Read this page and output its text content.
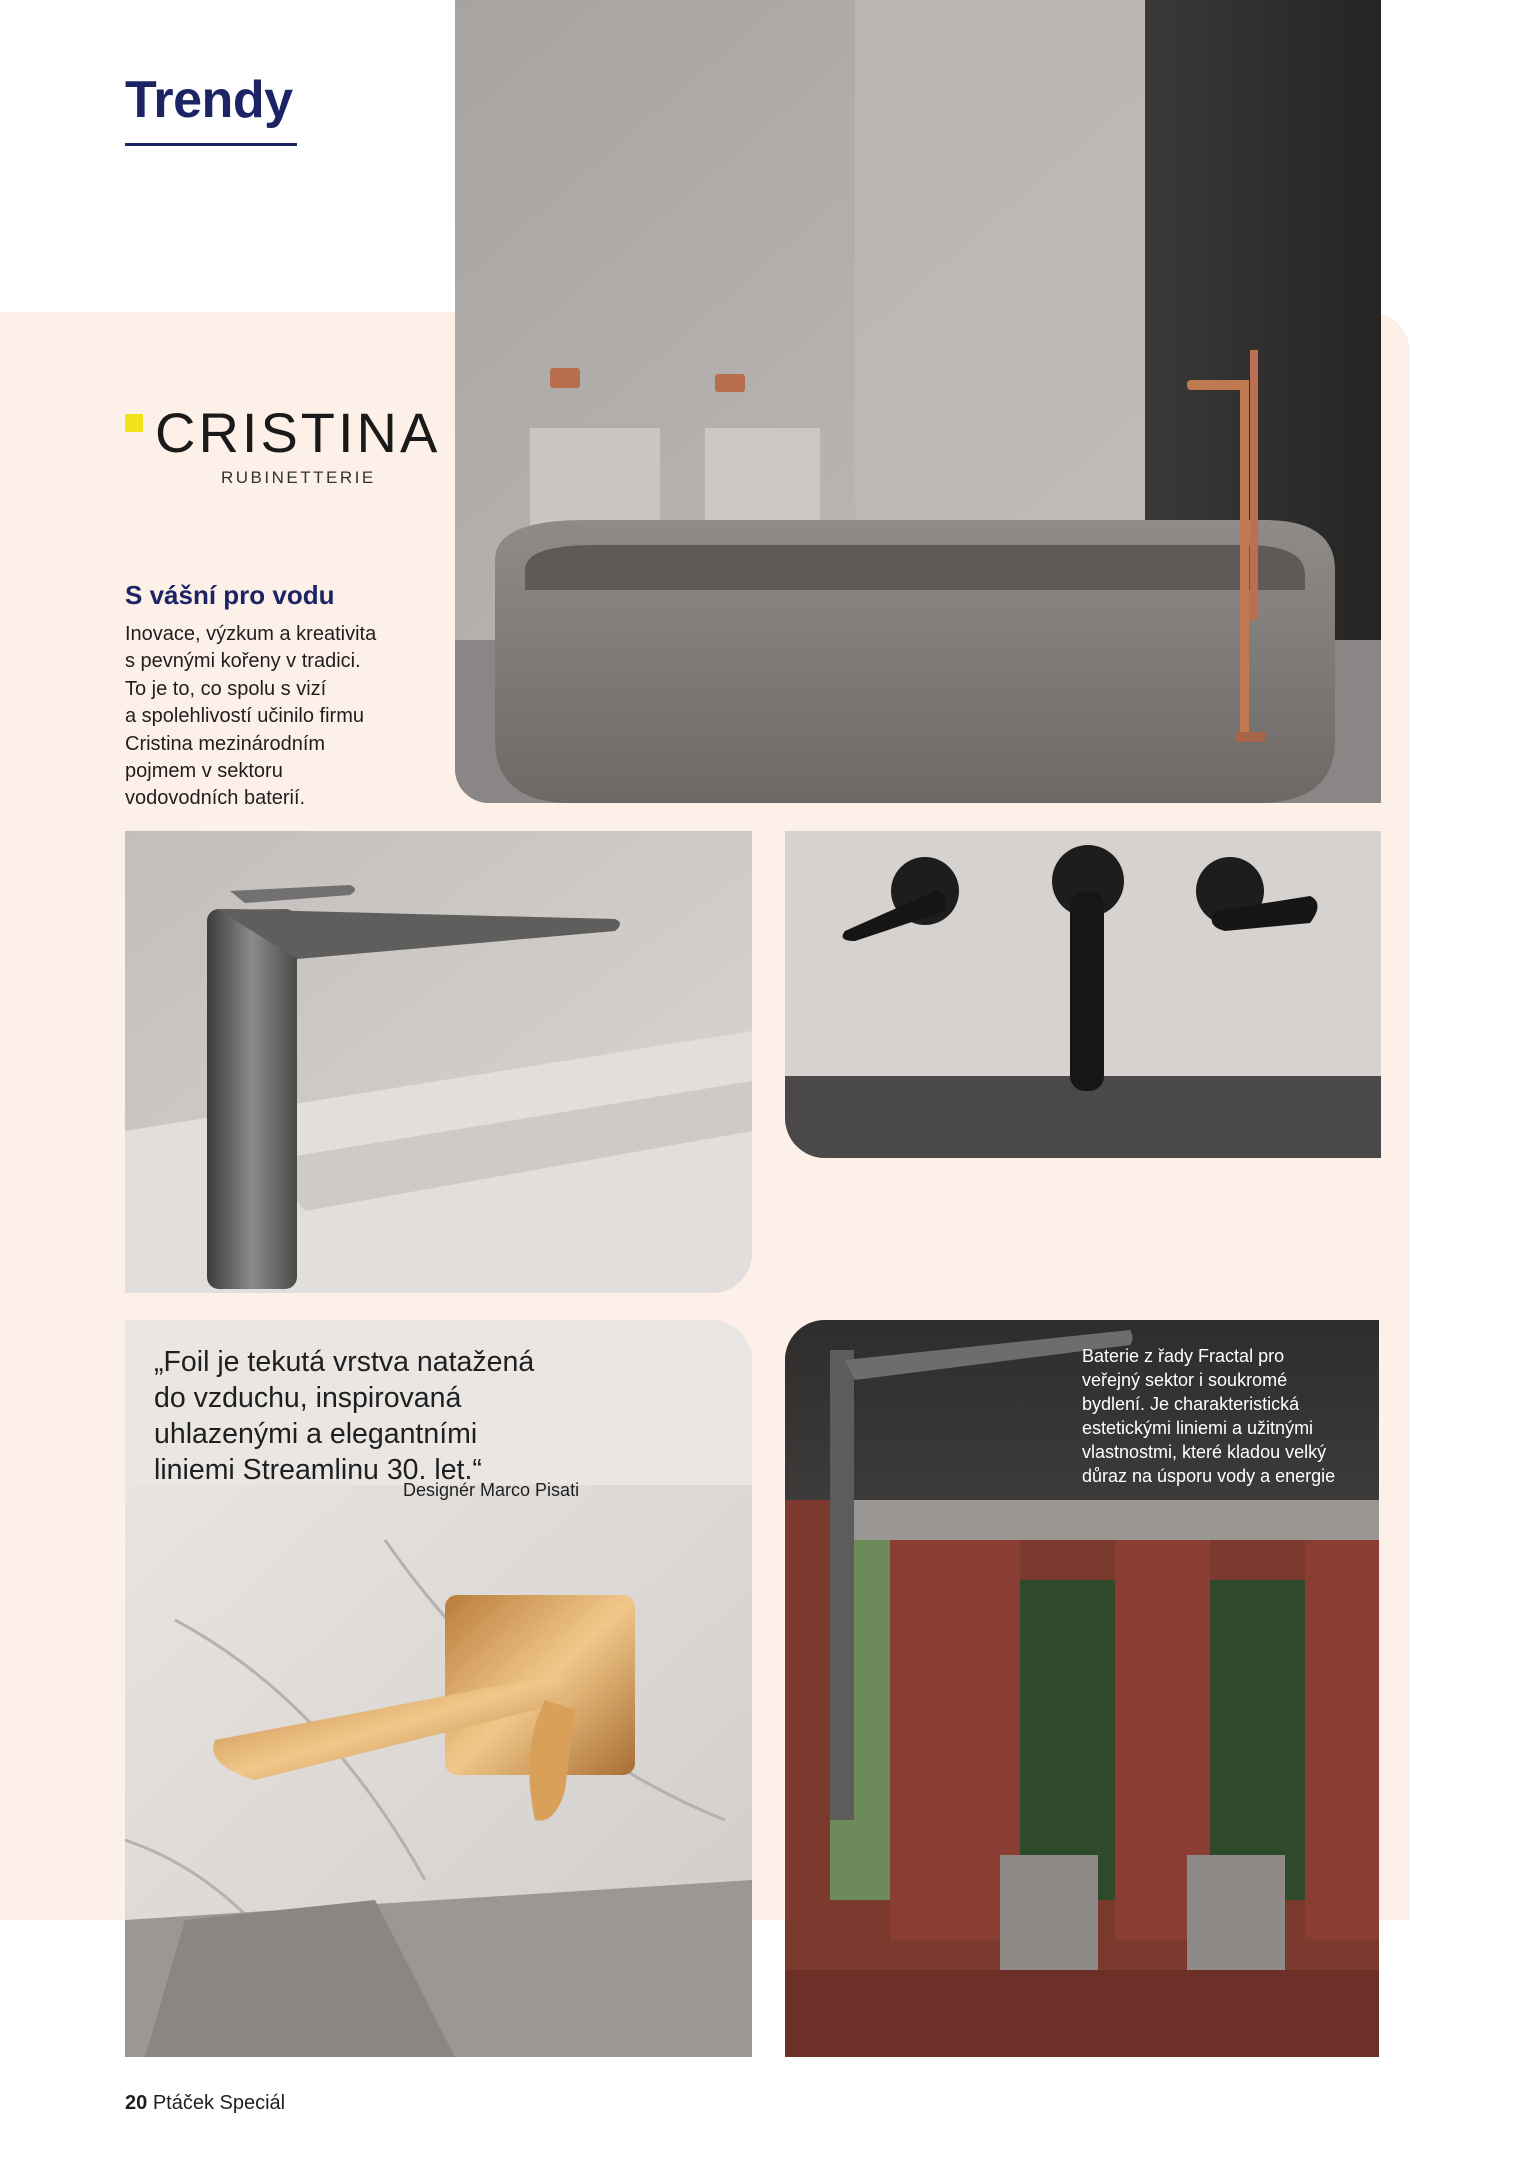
Trendy
CRISTINA
RUBINETTERIE
S vášní pro vodu
Inovace, výzkum a kreativita
s pevnými kořeny v tradici.
To je to, co spolu s vizí
a spolehlivostí učinilo firmu
Cristina mezinárodním
pojmem v sektoru
vodovodních baterií.
„Foil je tekutá vrstva natažená
do vzduchu, inspirovaná
uhlazenými a elegantními
liniemi Streamlinu 30. let.“
Designér Marco Pisati
Baterie z řady Fractal pro
veřejný sektor i soukromé
bydlení. Je charakteristická
estetickými liniemi a užitnými
vlastnostmi, které kladou velký
důraz na úsporu vody a energie
20 Ptáček Speciál
